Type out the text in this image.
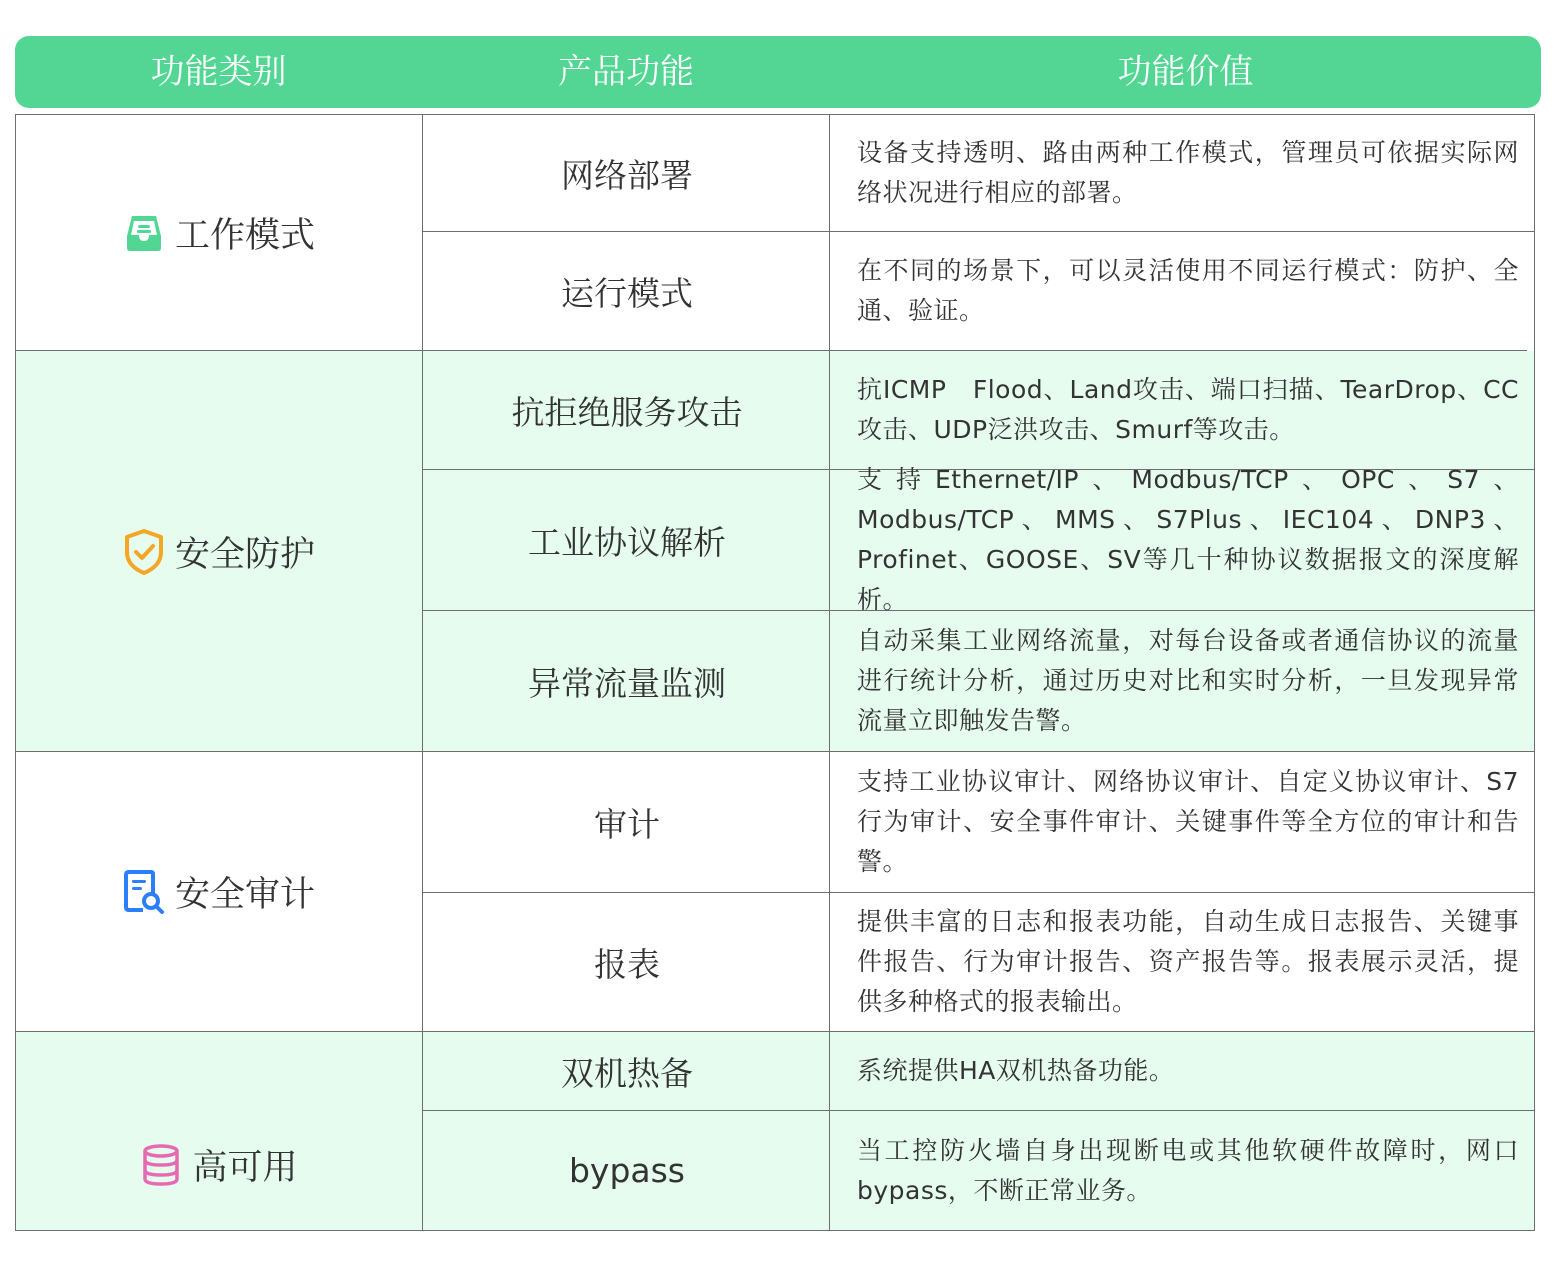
功能类别	产品功能	功能价值
工作模式
安全防护
安全审计
高可用
网络部署
运行模式
抗拒绝服务攻击
工业协议解析
异常流量监测
审计
报表
双机热备
bypass
设备支持透明、路由两种工作模式，管理员可依据实际网络状况进行相应的部署。
在不同的场景下，可以灵活使用不同运行模式：防护、全通、验证。
抗ICMP　Flood、Land攻击、端口扫描、TearDrop、CC攻击、UDP泛洪攻击、Smurf等攻击。
支持Ethernet/IP、Modbus/TCP、OPC、S7、Modbus/TCP、MMS、S7Plus、IEC104、DNP3、Profinet、GOOSE、SV等几十种协议数据报文的深度解析。
自动采集工业网络流量，对每台设备或者通信协议的流量进行统计分析，通过历史对比和实时分析，一旦发现异常流量立即触发告警。
支持工业协议审计、网络协议审计、自定义协议审计、S7行为审计、安全事件审计、关键事件等全方位的审计和告警。
提供丰富的日志和报表功能，自动生成日志报告、关键事件报告、行为审计报告、资产报告等。报表展示灵活，提供多种格式的报表输出。
系统提供HA双机热备功能。
当工控防火墙自身出现断电或其他软硬件故障时，网口bypass，不断正常业务。
